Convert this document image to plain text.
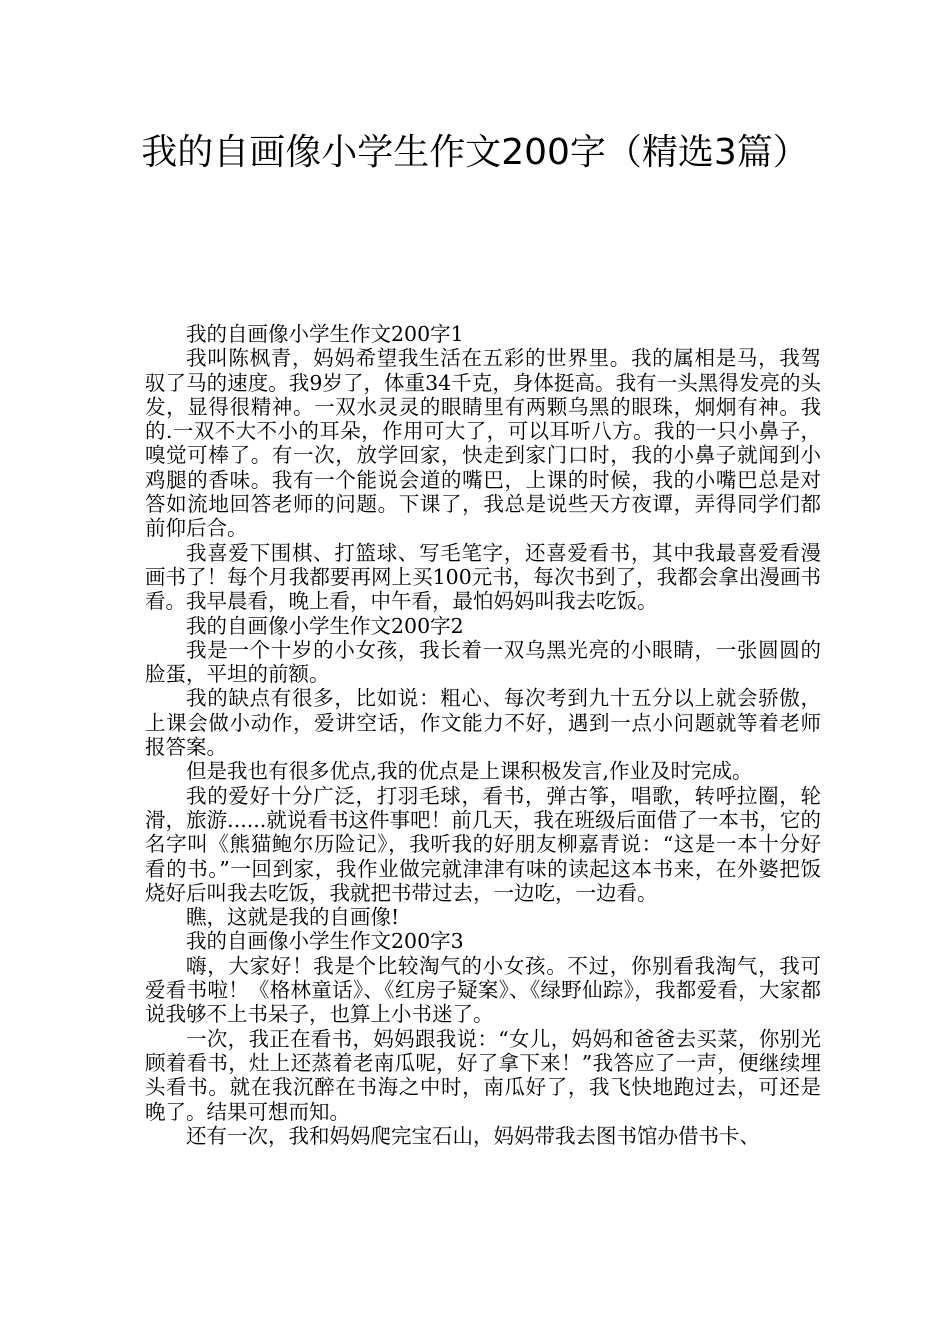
我的自画像小学生作文200字（精选3篇）

我的自画像小学生作文200字1

我叫陈枫青，妈妈希望我生活在五彩的世界里。我的属相是马，我驾驭了马的速度。我9岁了，体重34千克，身体挺高。我有一头黑得发亮的头发，显得很精神。一双水灵灵的眼睛里有两颗乌黑的眼珠，炯炯有神。我的.一双不大不小的耳朵，作用可大了，可以耳听八方。我的一只小鼻子，嗅觉可棒了。有一次，放学回家，快走到家门口时，我的小鼻子就闻到小鸡腿的香味。我有一个能说会道的嘴巴，上课的时候，我的小嘴巴总是对答如流地回答老师的问题。下课了，我总是说些天方夜谭，弄得同学们都前仰后合。

我喜爱下围棋、打篮球、写毛笔字，还喜爱看书，其中我最喜爱看漫画书了！每个月我都要再网上买100元书，每次书到了，我都会拿出漫画书看。我早晨看，晚上看，中午看，最怕妈妈叫我去吃饭。

我的自画像小学生作文200字2

我是一个十岁的小女孩，我长着一双乌黑光亮的小眼睛，一张圆圆的脸蛋，平坦的前额。

我的缺点有很多，比如说：粗心、每次考到九十五分以上就会骄傲，上课会做小动作，爱讲空话，作文能力不好，遇到一点小问题就等着老师报答案。

但是我也有很多优点,我的优点是上课积极发言,作业及时完成。

我的爱好十分广泛，打羽毛球，看书，弹古筝，唱歌，转呼拉圈，轮滑，旅游......就说看书这件事吧！前几天，我在班级后面借了一本书，它的名字叫《熊猫鲍尔历险记》，我听我的好朋友柳嘉青说：“这是一本十分好看的书。”一回到家，我作业做完就津津有味的读起这本书来，在外婆把饭烧好后叫我去吃饭，我就把书带过去，一边吃，一边看。

瞧，这就是我的自画像!

我的自画像小学生作文200字3

嗨，大家好！我是个比较淘气的小女孩。不过，你别看我淘气，我可爱看书啦！《格林童话》、《红房子疑案》、《绿野仙踪》，我都爱看，大家都说我够不上书呆子，也算上小书迷了。

一次，我正在看书，妈妈跟我说：“女儿，妈妈和爸爸去买菜，你别光顾着看书，灶上还蒸着老南瓜呢，好了拿下来！”我答应了一声，便继续埋头看书。就在我沉醉在书海之中时，南瓜好了，我飞快地跑过去，可还是晚了。结果可想而知。

还有一次，我和妈妈爬完宝石山，妈妈带我去图书馆办借书卡、
